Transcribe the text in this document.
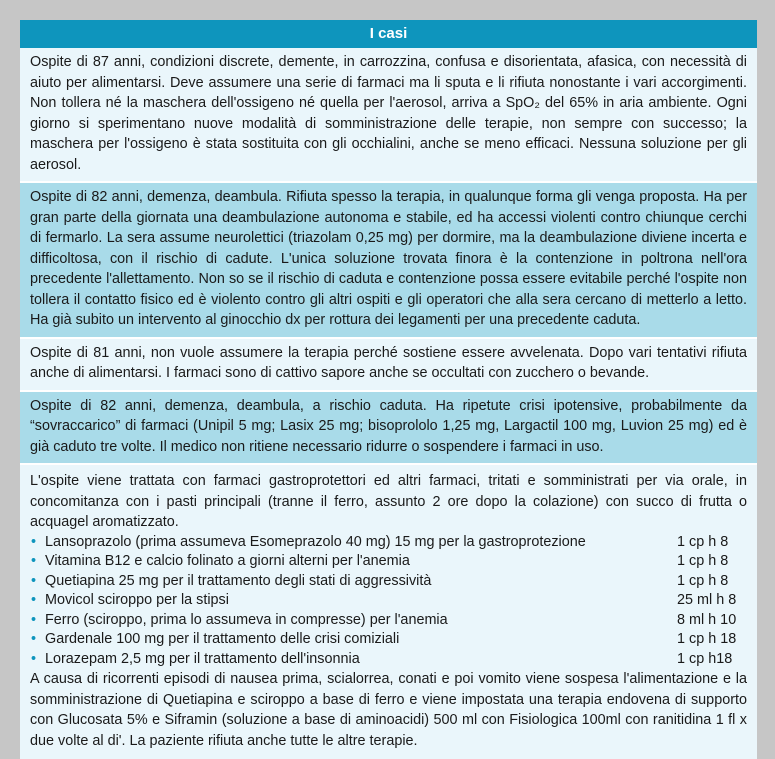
I casi

Ospite di 87 anni, condizioni discrete, demente, in carrozzina, confusa e disorientata, afasica, con necessità di aiuto per alimentarsi. Deve assumere una serie di farmaci ma li sputa e li rifiuta nonostante i vari accorgimenti. Non tollera né la maschera dell'ossigeno né quella per l'aerosol, arriva a SpO₂ del 65% in aria ambiente. Ogni giorno si sperimentano nuove modalità di somministrazione delle terapie, non sempre con successo; la maschera per l'ossigeno è stata sostituita con gli occhialini, anche se meno efficaci. Nessuna soluzione per gli aerosol.

Ospite di 82 anni, demenza, deambula. Rifiuta spesso la terapia, in qualunque forma gli venga proposta. Ha per gran parte della giornata una deambulazione autonoma e stabile, ed ha accessi violenti contro chiunque cerchi di fermarlo. La sera assume neurolettici (triazolam 0,25 mg) per dormire, ma la deambulazione diviene incerta e difficoltosa, con il rischio di cadute. L'unica soluzione trovata finora è la contenzione in poltrona nell'ora precedente l'allettamento. Non so se il rischio di caduta e contenzione possa essere evitabile perché l'ospite non tollera il contatto fisico ed è violento contro gli altri ospiti e gli operatori che alla sera cercano di metterlo a letto. Ha già subito un intervento al ginocchio dx per rottura dei legamenti per una precedente caduta.

Ospite di 81 anni, non vuole assumere la terapia perché sostiene essere avvelenata. Dopo vari tentativi rifiuta anche di alimentarsi. I farmaci sono di cattivo sapore anche se occultati con zucchero o bevande.

Ospite di 82 anni, demenza, deambula, a rischio caduta. Ha ripetute crisi ipotensive, probabilmente da “sovraccarico” di farmaci (Unipil 5 mg; Lasix 25 mg; bisoprololo 1,25 mg, Largactil 100 mg, Luvion 25 mg) ed è già caduto tre volte. Il medico non ritiene necessario ridurre o sospendere i farmaci in uso.

L'ospite viene trattata con farmaci gastroprotettori ed altri farmaci, tritati e somministrati per via orale, in concomitanza con i pasti principali (tranne il ferro, assunto 2 ore dopo la colazione) con succo di frutta o acquagel aromatizzato.

• Lansoprazolo (prima assumeva Esomeprazolo 40 mg) 15 mg per la gastroprotezione	1 cp h 8
• Vitamina B12 e calcio folinato a giorni alterni per l'anemia	1 cp h 8
• Quetiapina 25 mg per il trattamento degli stati di aggressività	1 cp h 8
• Movicol sciroppo per la stipsi	25 ml h 8
• Ferro (sciroppo, prima lo assumeva in compresse) per l'anemia	8 ml h 10
• Gardenale 100 mg per il trattamento delle crisi comiziali	1 cp h 18
• Lorazepam 2,5 mg per il trattamento dell'insonnia	1 cp h18

A causa di ricorrenti episodi di nausea prima, scialorrea, conati e poi vomito viene sospesa l'alimentazione e la somministrazione di Quetiapina e sciroppo a base di ferro e viene impostata una terapia endovena di supporto con Glucosata 5% e Siframin (soluzione a base di aminoacidi) 500 ml con Fisiologica 100ml con ranitidina 1 fl x due volte al di'. La paziente rifiuta anche tutte le altre terapie.
